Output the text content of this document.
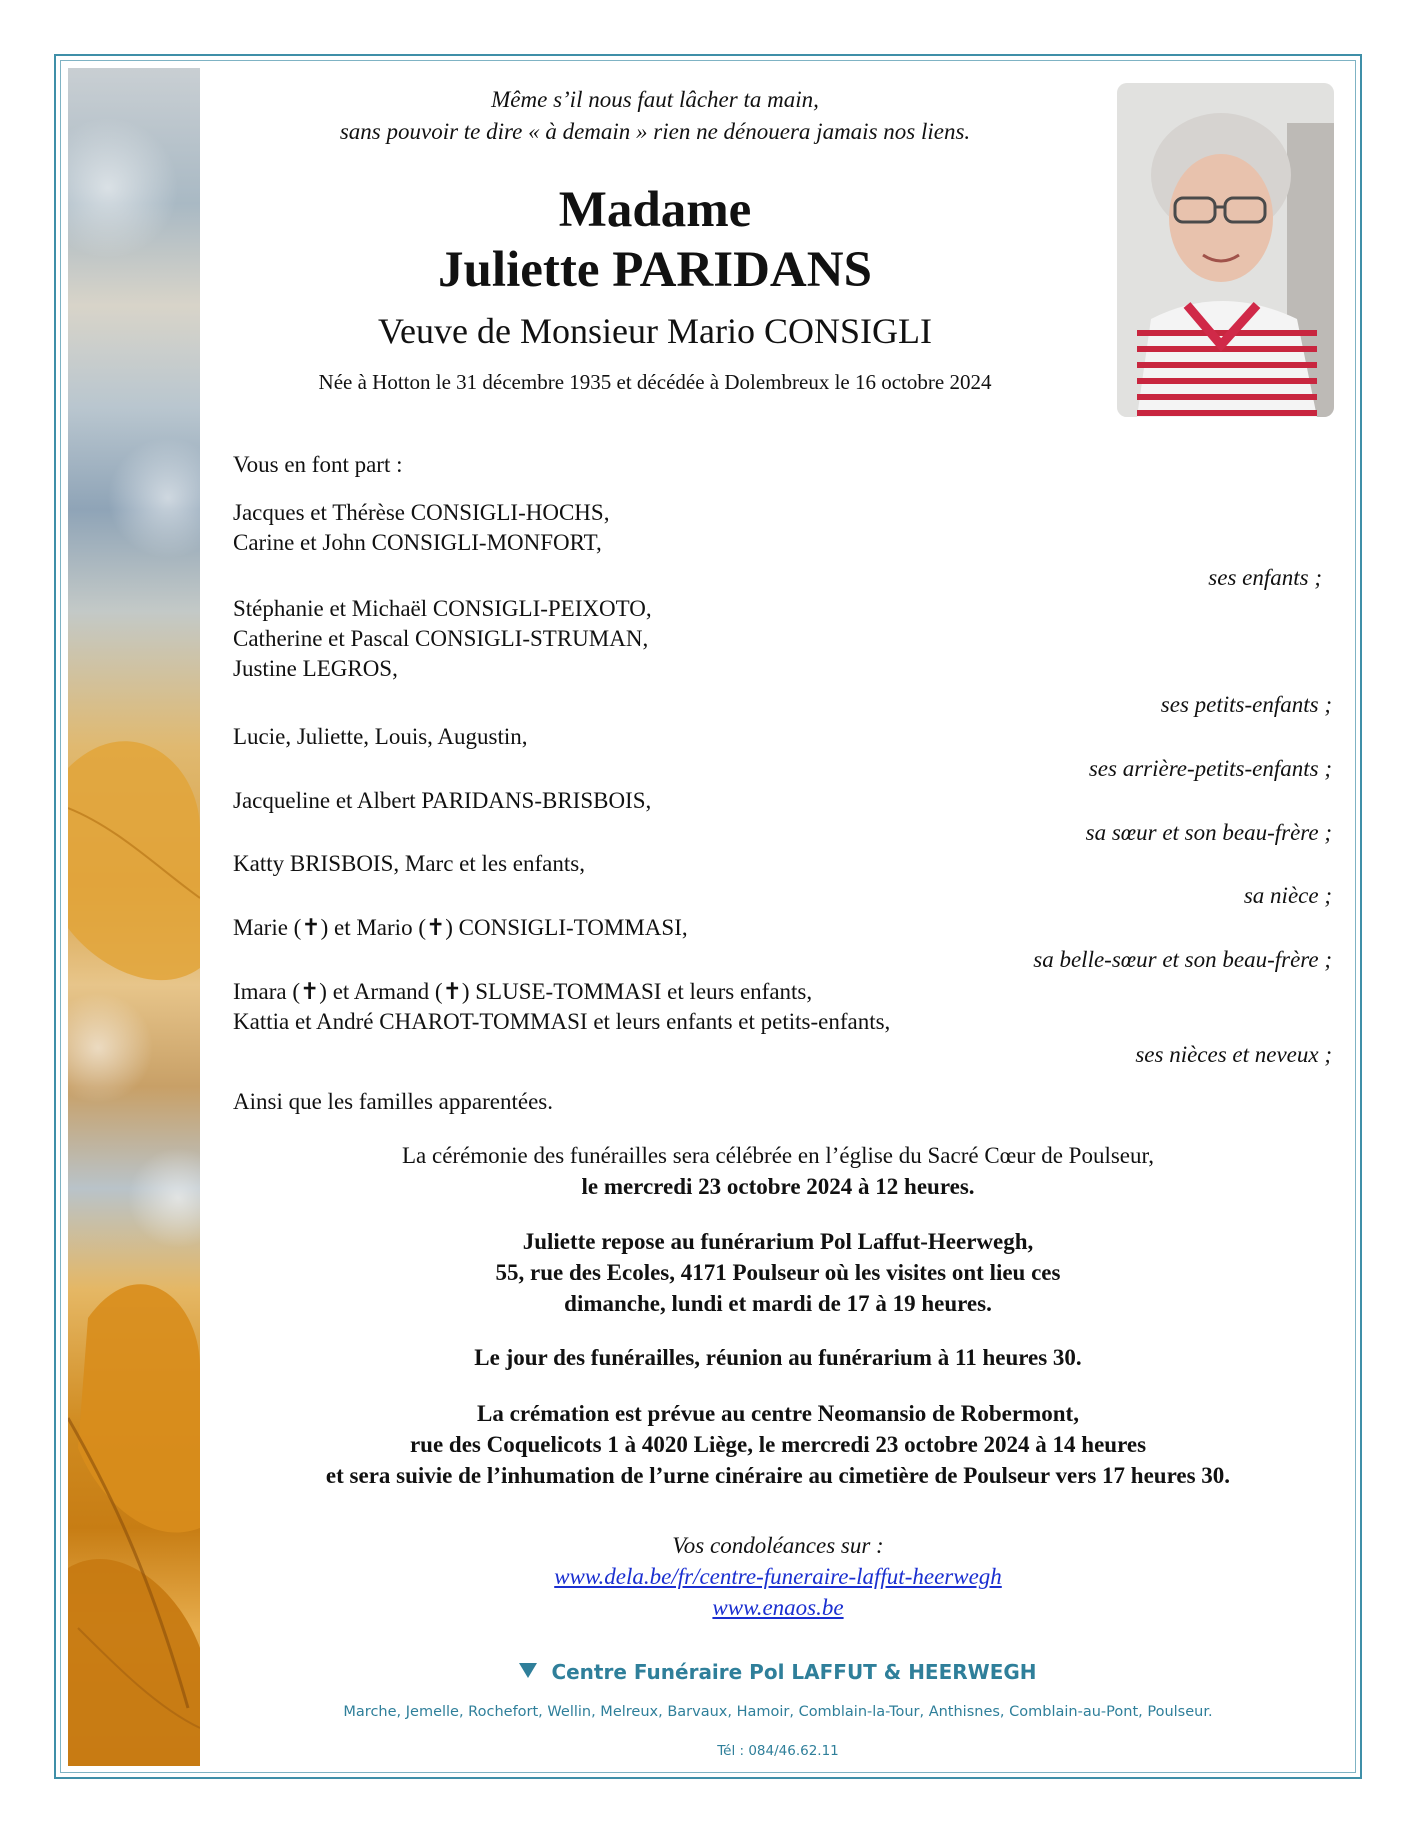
Même s’il nous faut lâcher ta main,
sans pouvoir te dire « à demain » rien ne dénouera jamais nos liens.
Madame
Juliette PARIDANS
Veuve de Monsieur Mario CONSIGLI
Née à Hotton le 31 décembre 1935 et décédée à Dolembreux le 16 octobre 2024
Vous en font part :
Jacques et Thérèse CONSIGLI-HOCHS,
Carine et John CONSIGLI-MONFORT,
ses enfants ;
Stéphanie et Michaël CONSIGLI-PEIXOTO,
Catherine et Pascal CONSIGLI-STRUMAN,
Justine LEGROS,
ses petits-enfants ;
Lucie, Juliette, Louis, Augustin,
ses arrière-petits-enfants ;
Jacqueline et Albert PARIDANS-BRISBOIS,
sa sœur et son beau-frère ;
Katty BRISBOIS, Marc et les enfants,
sa nièce ;
Marie (✝) et Mario (✝) CONSIGLI-TOMMASI,
sa belle-sœur et son beau-frère ;
Imara (✝) et Armand (✝) SLUSE-TOMMASI et leurs enfants,
Kattia et André CHAROT-TOMMASI et leurs enfants et petits-enfants,
ses nièces et neveux ;
Ainsi que les familles apparentées.
La cérémonie des funérailles sera célébrée en l’église du Sacré Cœur de Poulseur,
le mercredi 23 octobre 2024 à 12 heures.
Juliette repose au funérarium Pol Laffut-Heerwegh,
55, rue des Ecoles, 4171 Poulseur où les visites ont lieu ces
dimanche, lundi et mardi de 17 à 19 heures.
Le jour des funérailles, réunion au funérarium à 11 heures 30.
La crémation est prévue au centre Neomansio de Robermont,
rue des Coquelicots 1 à 4020 Liège, le mercredi 23 octobre 2024 à 14 heures
et sera suivie de l’inhumation de l’urne cinéraire au cimetière de Poulseur vers 17 heures 30.
Vos condoléances sur :
www.dela.be/fr/centre-funeraire-laffut-heerwegh
www.enaos.be
Centre Funéraire Pol LAFFUT & HEERWEGH
Marche, Jemelle, Rochefort, Wellin, Melreux, Barvaux, Hamoir, Comblain-la-Tour, Anthisnes, Comblain-au-Pont, Poulseur.
Tél : 084/46.62.11
